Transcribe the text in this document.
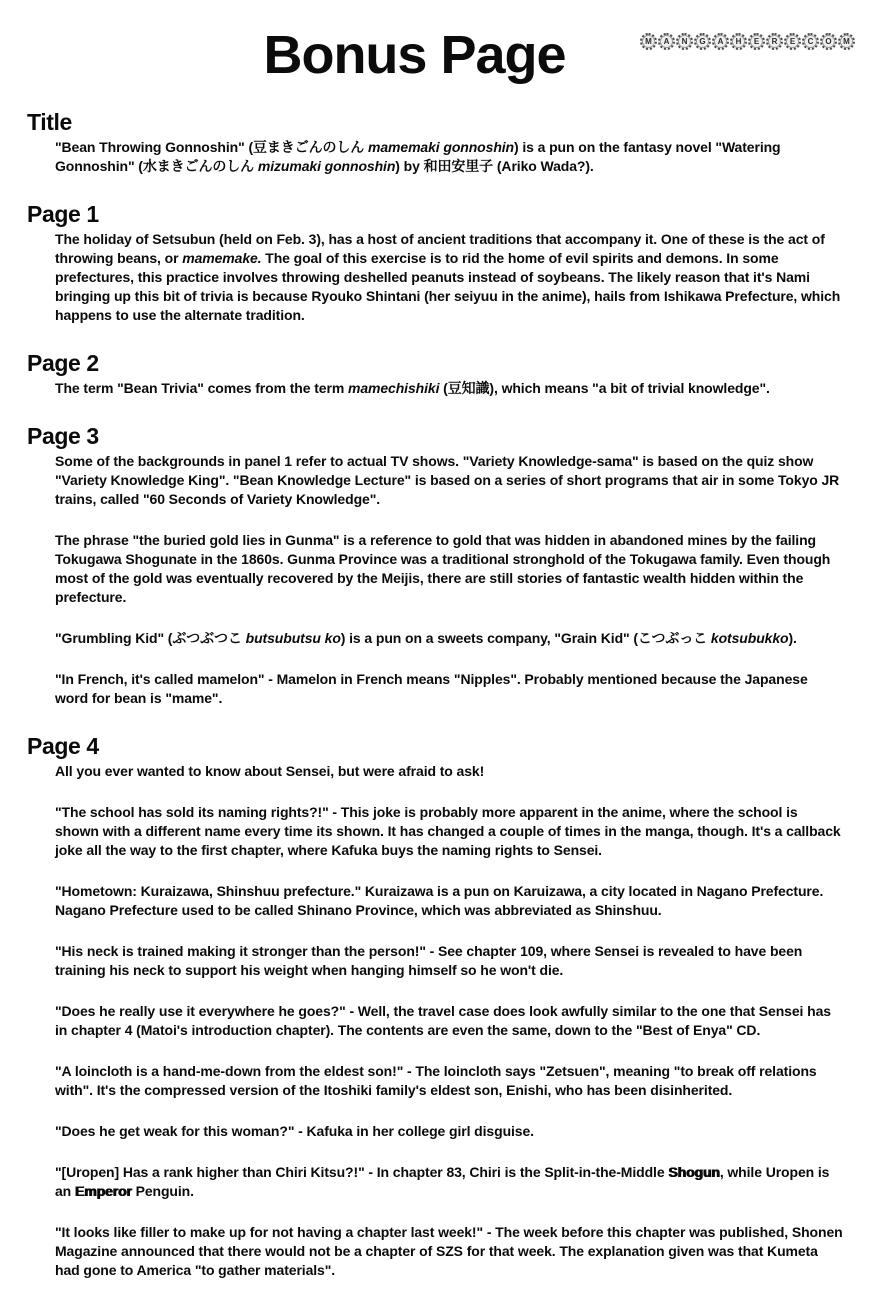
M	A	N	G	A	H	E	R	E	C	O	M
Bonus Page
Title

"Bean Throwing Gonnoshin" (豆まきごんのしん mamemaki gonnoshin) is a pun on the fantasy novel "Watering Gonnoshin" (水まきごんのしん mizumaki gonnoshin) by 和田安里子 (Ariko Wada?).

Page 1

The holiday of Setsubun (held on Feb. 3), has a host of ancient traditions that accompany it. One of these is the act of throwing beans, or mamemake. The goal of this exercise is to rid the home of evil spirits and demons. In some prefectures, this practice involves throwing deshelled peanuts instead of soybeans. The likely reason that it's Nami bringing up this bit of trivia is because Ryouko Shintani (her seiyuu in the anime), hails from Ishikawa Prefecture, which happens to use the alternate tradition.

Page 2

The term "Bean Trivia" comes from the term mamechishiki (豆知識), which means "a bit of trivial knowledge".

Page 3

Some of the backgrounds in panel 1 refer to actual TV shows. "Variety Knowledge-sama" is based on the quiz show "Variety Knowledge King". "Bean Knowledge Lecture" is based on a series of short programs that air in some Tokyo JR trains, called "60 Seconds of Variety Knowledge".

The phrase "the buried gold lies in Gunma" is a reference to gold that was hidden in abandoned mines by the failing Tokugawa Shogunate in the 1860s. Gunma Province was a traditional stronghold of the Tokugawa family. Even though most of the gold was eventually recovered by the Meijis, there are still stories of fantastic wealth hidden within the prefecture.

"Grumbling Kid" (ぶつぶつこ butsubutsu ko) is a pun on a sweets company, "Grain Kid" (こつぶっこ kotsubukko).

"In French, it's called mamelon" - Mamelon in French means "Nipples". Probably mentioned because the Japanese word for bean is "mame".

Page 4

All you ever wanted to know about Sensei, but were afraid to ask!

"The school has sold its naming rights?!" - This joke is probably more apparent in the anime, where the school is shown with a different name every time its shown. It has changed a couple of times in the manga, though. It's a callback joke all the way to the first chapter, where Kafuka buys the naming rights to Sensei.

"Hometown: Kuraizawa, Shinshuu prefecture." Kuraizawa is a pun on Karuizawa, a city located in Nagano Prefecture. Nagano Prefecture used to be called Shinano Province, which was abbreviated as Shinshuu.

"His neck is trained making it stronger than the person!" - See chapter 109, where Sensei is revealed to have been training his neck to support his weight when hanging himself so he won't die.

"Does he really use it everywhere he goes?" - Well, the travel case does look awfully similar to the one that Sensei has in chapter 4 (Matoi's introduction chapter). The contents are even the same, down to the "Best of Enya" CD.

"A loincloth is a hand-me-down from the eldest son!" - The loincloth says "Zetsuen", meaning "to break off relations with". It's the compressed version of the Itoshiki family's eldest son, Enishi, who has been disinherited.

"Does he get weak for this woman?" - Kafuka in her college girl disguise.

"[Uropen] Has a rank higher than Chiri Kitsu?!" - In chapter 83, Chiri is the Split-in-the-Middle Shogun, while Uropen is an Emperor Penguin.

"It looks like filler to make up for not having a chapter last week!" - The week before this chapter was published, Shonen Magazine announced that there would not be a chapter of SZS for that week. The explanation given was that Kumeta had gone to America "to gather materials".
